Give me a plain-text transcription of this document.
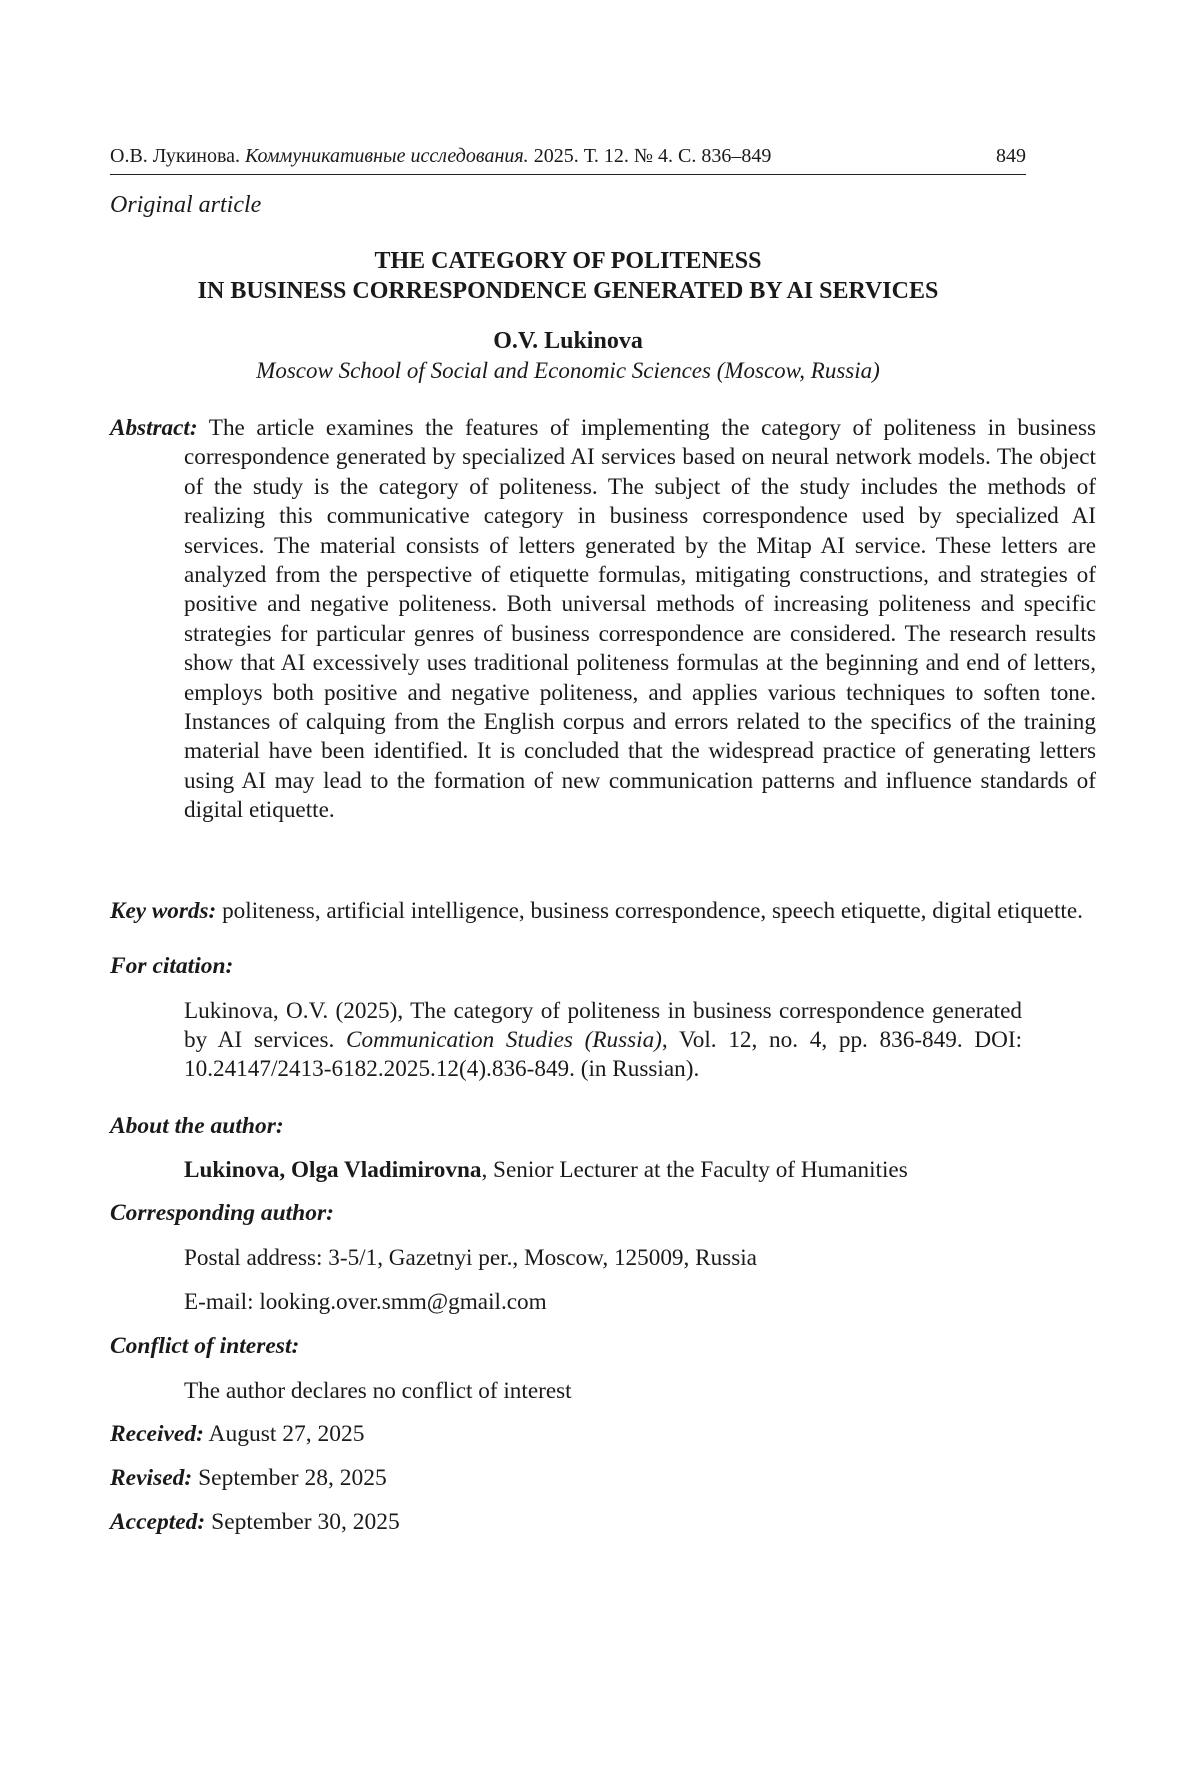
О.В. Лукинова. Коммуникативные исследования. 2025. Т. 12. № 4. С. 836–849	849
Original article
THE CATEGORY OF POLITENESS
IN BUSINESS CORRESPONDENCE GENERATED BY AI SERVICES
O.V. Lukinova
Moscow School of Social and Economic Sciences (Moscow, Russia)
Abstract: The article examines the features of implementing the category of politeness in business correspondence generated by specialized AI services based on neural network models. The object of the study is the category of politeness. The subject of the study includes the methods of realizing this communicative category in business correspondence used by specialized AI services. The material consists of letters generated by the Mitap AI service. These letters are analyzed from the perspective of etiquette formulas, mitigating constructions, and strategies of positive and negative politeness. Both universal methods of increasing politeness and specific strategies for particular genres of business correspondence are considered. The research results show that AI excessively uses traditional politeness formulas at the beginning and end of letters, employs both positive and negative politeness, and applies various techniques to soften tone. Instances of calquing from the English corpus and errors related to the specifics of the training material have been identified. It is concluded that the widespread practice of generating letters using AI may lead to the formation of new communication patterns and influence standards of digital etiquette.
Key words: politeness, artificial intelligence, business correspondence, speech etiquette, digital etiquette.
For citation:
Lukinova, O.V. (2025), The category of politeness in business correspondence generated by AI services. Communication Studies (Russia), Vol. 12, no. 4, pp. 836-849. DOI: 10.24147/2413-6182.2025.12(4).836-849. (in Russian).
About the author:
Lukinova, Olga Vladimirovna, Senior Lecturer at the Faculty of Humanities
Corresponding author:
Postal address: 3-5/1, Gazetnyi per., Moscow, 125009, Russia
E-mail: looking.over.smm@gmail.com
Conflict of interest:
The author declares no conflict of interest
Received: August 27, 2025
Revised: September 28, 2025
Accepted: September 30, 2025
